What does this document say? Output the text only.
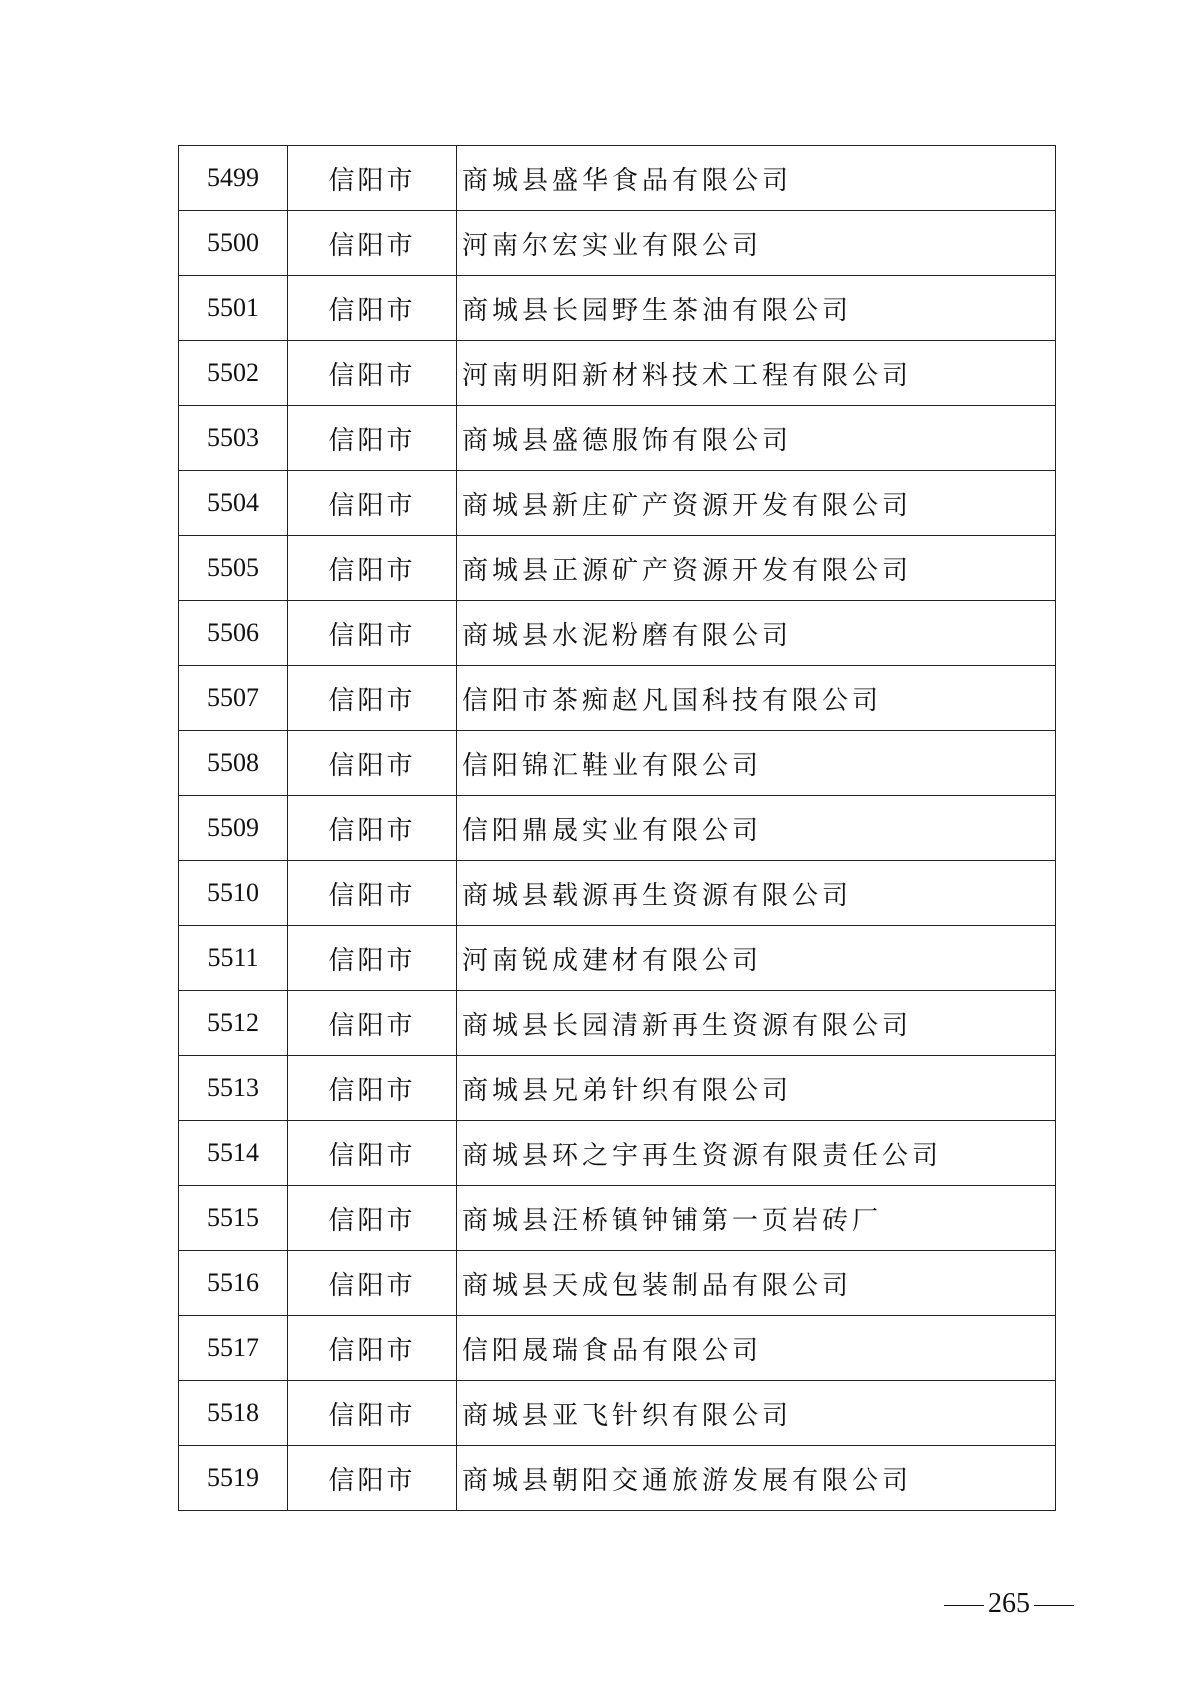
5499	信阳市	商城县盛华食品有限公司
5500	信阳市	河南尔宏实业有限公司
5501	信阳市	商城县长园野生茶油有限公司
5502	信阳市	河南明阳新材料技术工程有限公司
5503	信阳市	商城县盛德服饰有限公司
5504	信阳市	商城县新庄矿产资源开发有限公司
5505	信阳市	商城县正源矿产资源开发有限公司
5506	信阳市	商城县水泥粉磨有限公司
5507	信阳市	信阳市茶痴赵凡国科技有限公司
5508	信阳市	信阳锦汇鞋业有限公司
5509	信阳市	信阳鼎晟实业有限公司
5510	信阳市	商城县载源再生资源有限公司
5511	信阳市	河南锐成建材有限公司
5512	信阳市	商城县长园清新再生资源有限公司
5513	信阳市	商城县兄弟针织有限公司
5514	信阳市	商城县环之宇再生资源有限责任公司
5515	信阳市	商城县汪桥镇钟铺第一页岩砖厂
5516	信阳市	商城县天成包装制品有限公司
5517	信阳市	信阳晟瑞食品有限公司
5518	信阳市	商城县亚飞针织有限公司
5519	信阳市	商城县朝阳交通旅游发展有限公司
265
